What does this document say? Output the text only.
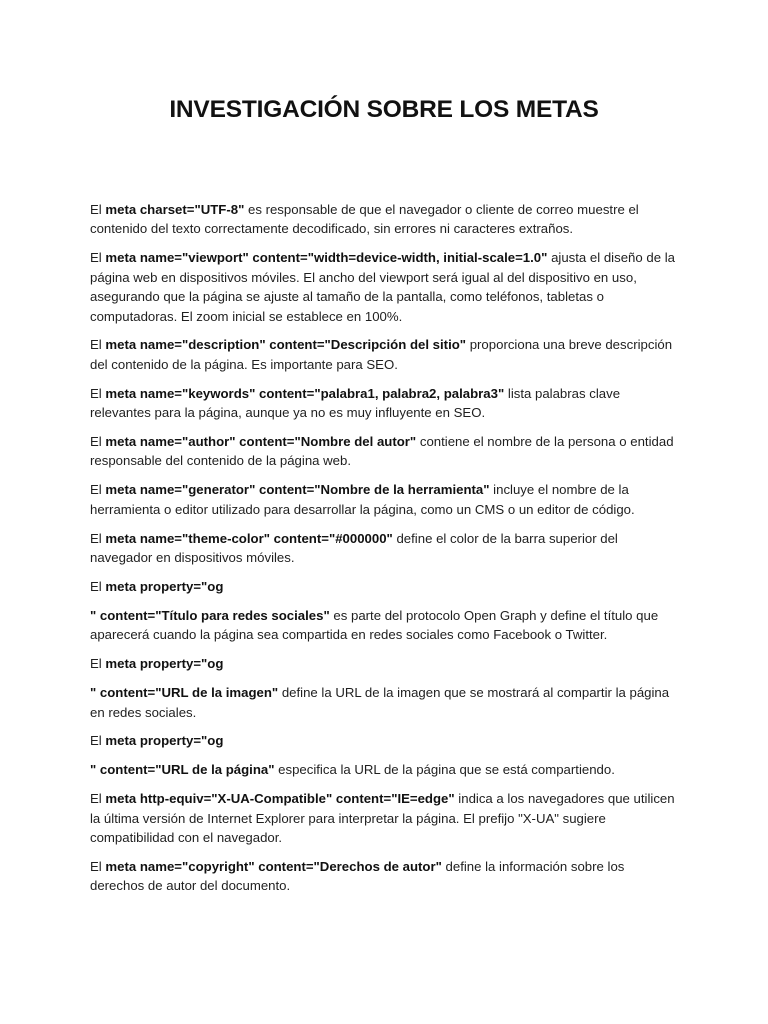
INVESTIGACIÓN SOBRE LOS METAS

El meta charset="UTF-8" es responsable de que el navegador o cliente de correo muestre el contenido del texto correctamente decodificado, sin errores ni caracteres extraños.

El meta name="viewport" content="width=device-width, initial-scale=1.0" ajusta el diseño de la página web en dispositivos móviles. El ancho del viewport será igual al del dispositivo en uso, asegurando que la página se ajuste al tamaño de la pantalla, como teléfonos, tabletas o computadoras. El zoom inicial se establece en 100%.

El meta name="description" content="Descripción del sitio" proporciona una breve descripción del contenido de la página. Es importante para SEO.

El meta name="keywords" content="palabra1, palabra2, palabra3" lista palabras clave relevantes para la página, aunque ya no es muy influyente en SEO.

El meta name="author" content="Nombre del autor" contiene el nombre de la persona o entidad responsable del contenido de la página web.

El meta name="generator" content="Nombre de la herramienta" incluye el nombre de la herramienta o editor utilizado para desarrollar la página, como un CMS o un editor de código.

El meta name="theme-color" content="#000000" define el color de la barra superior del navegador en dispositivos móviles.

El meta property="og

" content="Título para redes sociales" es parte del protocolo Open Graph y define el título que aparecerá cuando la página sea compartida en redes sociales como Facebook o Twitter.

El meta property="og

" content="URL de la imagen" define la URL de la imagen que se mostrará al compartir la página en redes sociales.

El meta property="og

" content="URL de la página" especifica la URL de la página que se está compartiendo.

El meta http-equiv="X-UA-Compatible" content="IE=edge" indica a los navegadores que utilicen la última versión de Internet Explorer para interpretar la página. El prefijo "X-UA" sugiere compatibilidad con el navegador.

El meta name="copyright" content="Derechos de autor" define la información sobre los derechos de autor del documento.
